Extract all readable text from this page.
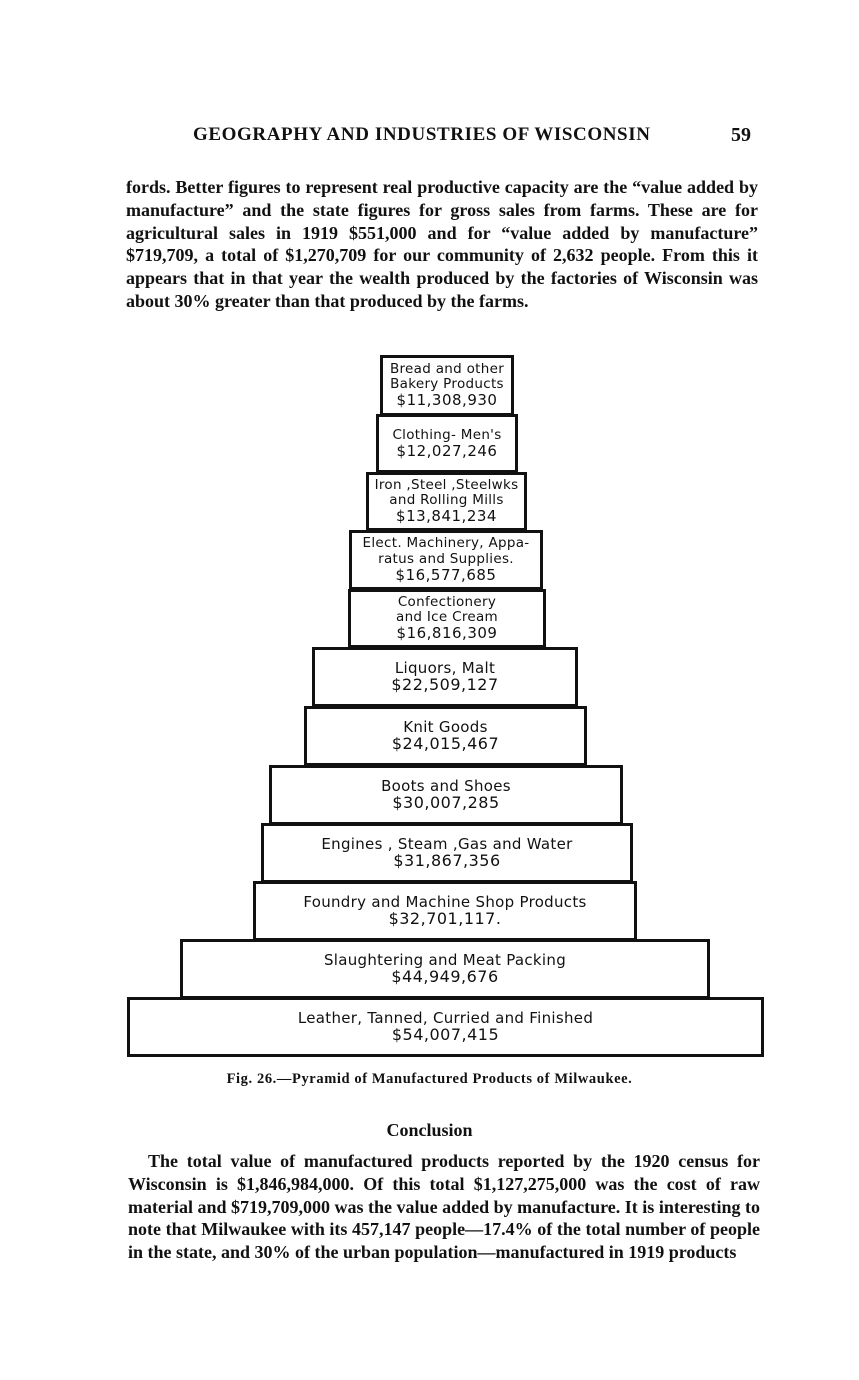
GEOGRAPHY AND INDUSTRIES OF WISCONSIN	59
fords. Better figures to represent real productive capacity are the “value added by manufacture” and the state figures for gross sales from farms. These are for agricultural sales in 1919 $551,000 and for “value added by manufacture” $719,709, a total of $1,270,709 for our community of 2,632 people. From this it appears that in that year the wealth produced by the factories of Wisconsin was about 30% greater than that produced by the farms.
Bread and other
Bakery Products
$11,308,930
Clothing- Men's
$12,027,246
Iron ,Steel ,Steelwks
and Rolling Mills
$13,841,234
Elect. Machinery, Appa-
ratus and Supplies.
$16,577,685
Confectionery
and Ice Cream
$16,816,309
Liquors, Malt
$22,509,127
Knit Goods
$24,015,467
Boots and Shoes
$30,007,285
Engines , Steam ,Gas and Water
$31,867,356
Foundry and Machine Shop Products
$32,701,117.
Slaughtering and Meat Packing
$44,949,676
Leather, Tanned, Curried and Finished
$54,007,415
Fig. 26.—Pyramid of Manufactured Products of Milwaukee.
Conclusion
The total value of manufactured products reported by the 1920 census for Wisconsin is $1,846,984,000. Of this total $1,127,275,000 was the cost of raw material and $719,709,000 was the value added by manufacture. It is interesting to note that Milwaukee with its 457,147 people—17.4% of the total number of people in the state, and 30% of the urban population—manufactured in 1919 products
